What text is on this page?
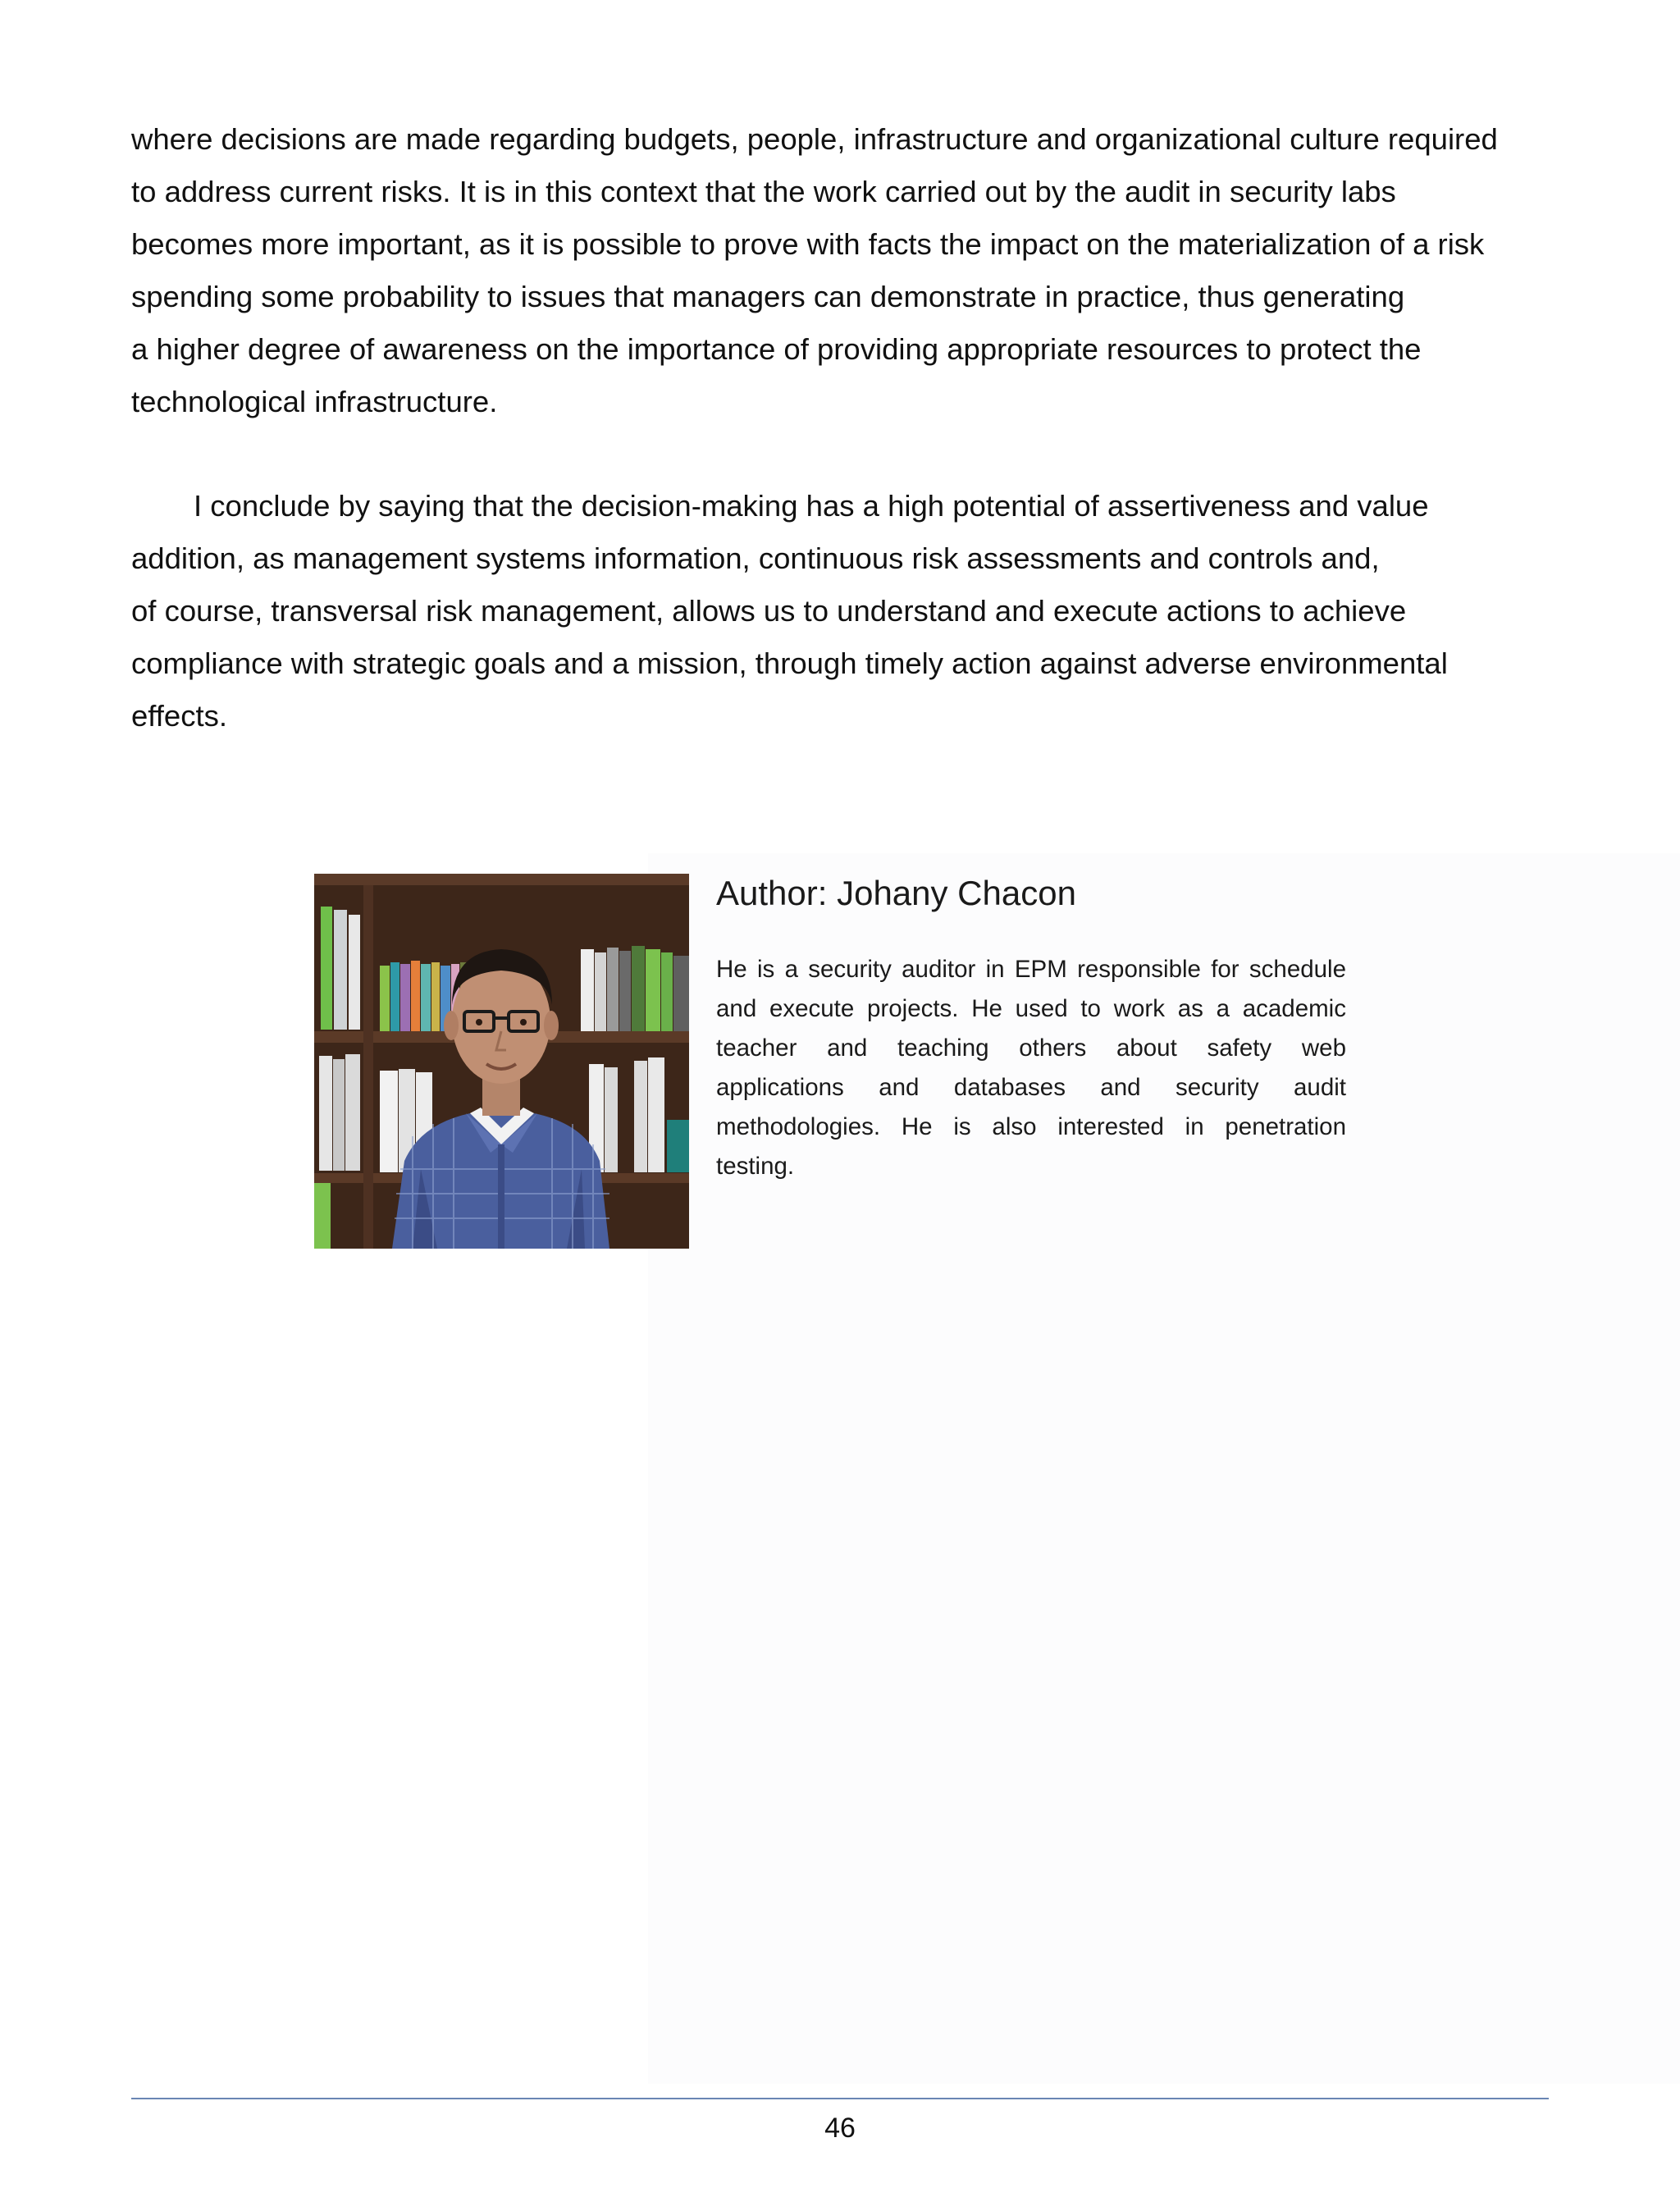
where decisions are made regarding budgets, people, infrastructure and organizational culture required
to address current risks. It is in this context that the work carried out by the audit in security labs
becomes more important, as it is possible to prove with facts the impact on the materialization of a risk
spending some probability to issues that managers can demonstrate in practice, thus generating
a higher degree of awareness on the importance of providing appropriate resources to protect the
technological infrastructure.
I conclude by saying that the decision-making has a high potential of assertiveness and value
addition, as management systems information, continuous risk assessments and controls and,
of course, transversal risk management, allows us to understand and execute actions to achieve
compliance with strategic goals and a mission, through timely action against adverse environmental
effects.
Author: Johany Chacon
He is a security auditor in EPM responsible for schedule
and execute projects. He used to work as a academic
teacher and teaching others about safety web
applications and databases and security audit
methodologies. He is also interested in penetration
testing.
46
